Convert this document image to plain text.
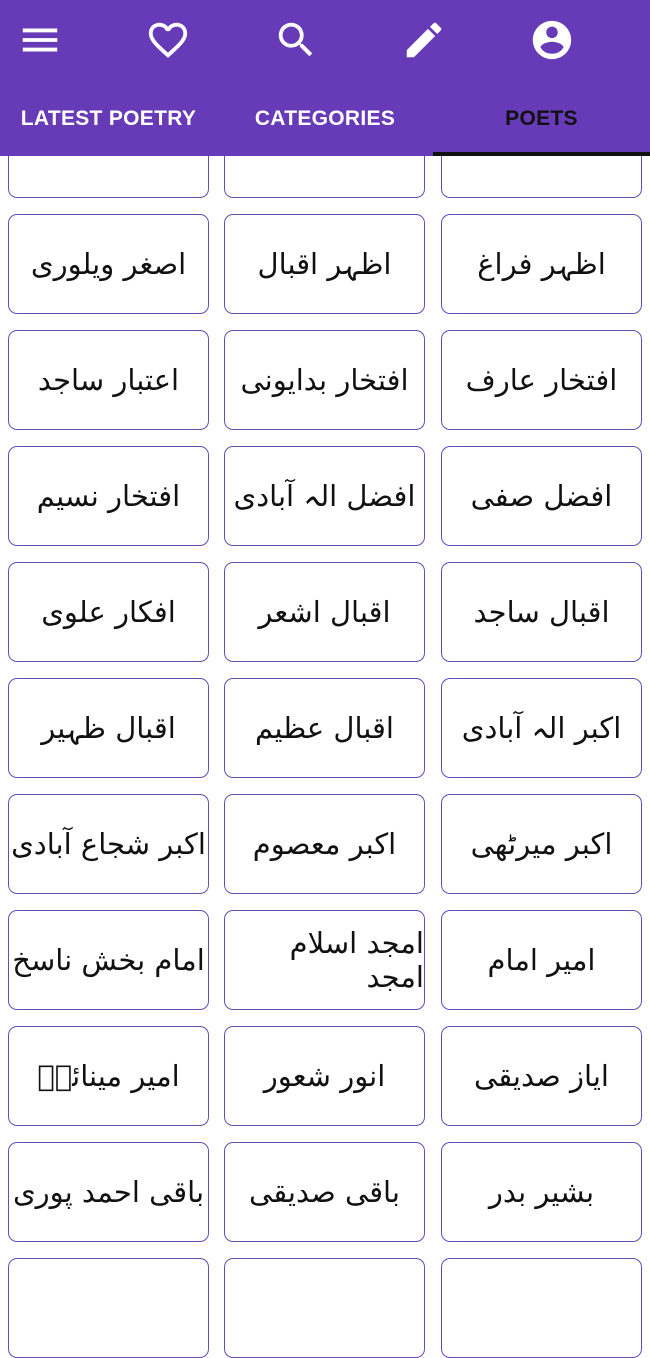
LATEST POETRY	CATEGORIES	POETS
اظہر فراغ
اظہر اقبال
اصغر ویلوری
افتخار عارف
افتخار بدایونی
اعتبار ساجد
افضل صفی
افضل الہ آبادی
افتخار نسیم
اقبال ساجد
اقبال اشعر
افکار علوی
اکبر الہ آبادی
اقبال عظیم
اقبال ظہیر
اکبر میرٹھی
اکبر معصوم
اکبر شجاع آبادی
امیر امام
امجد اسلام امجد
امام بخش ناسخ
ایاز صدیقی
انور شعور
امیر مینائیؔ
بشیر بدر
باقی صدیقی
باقی احمد پوری
